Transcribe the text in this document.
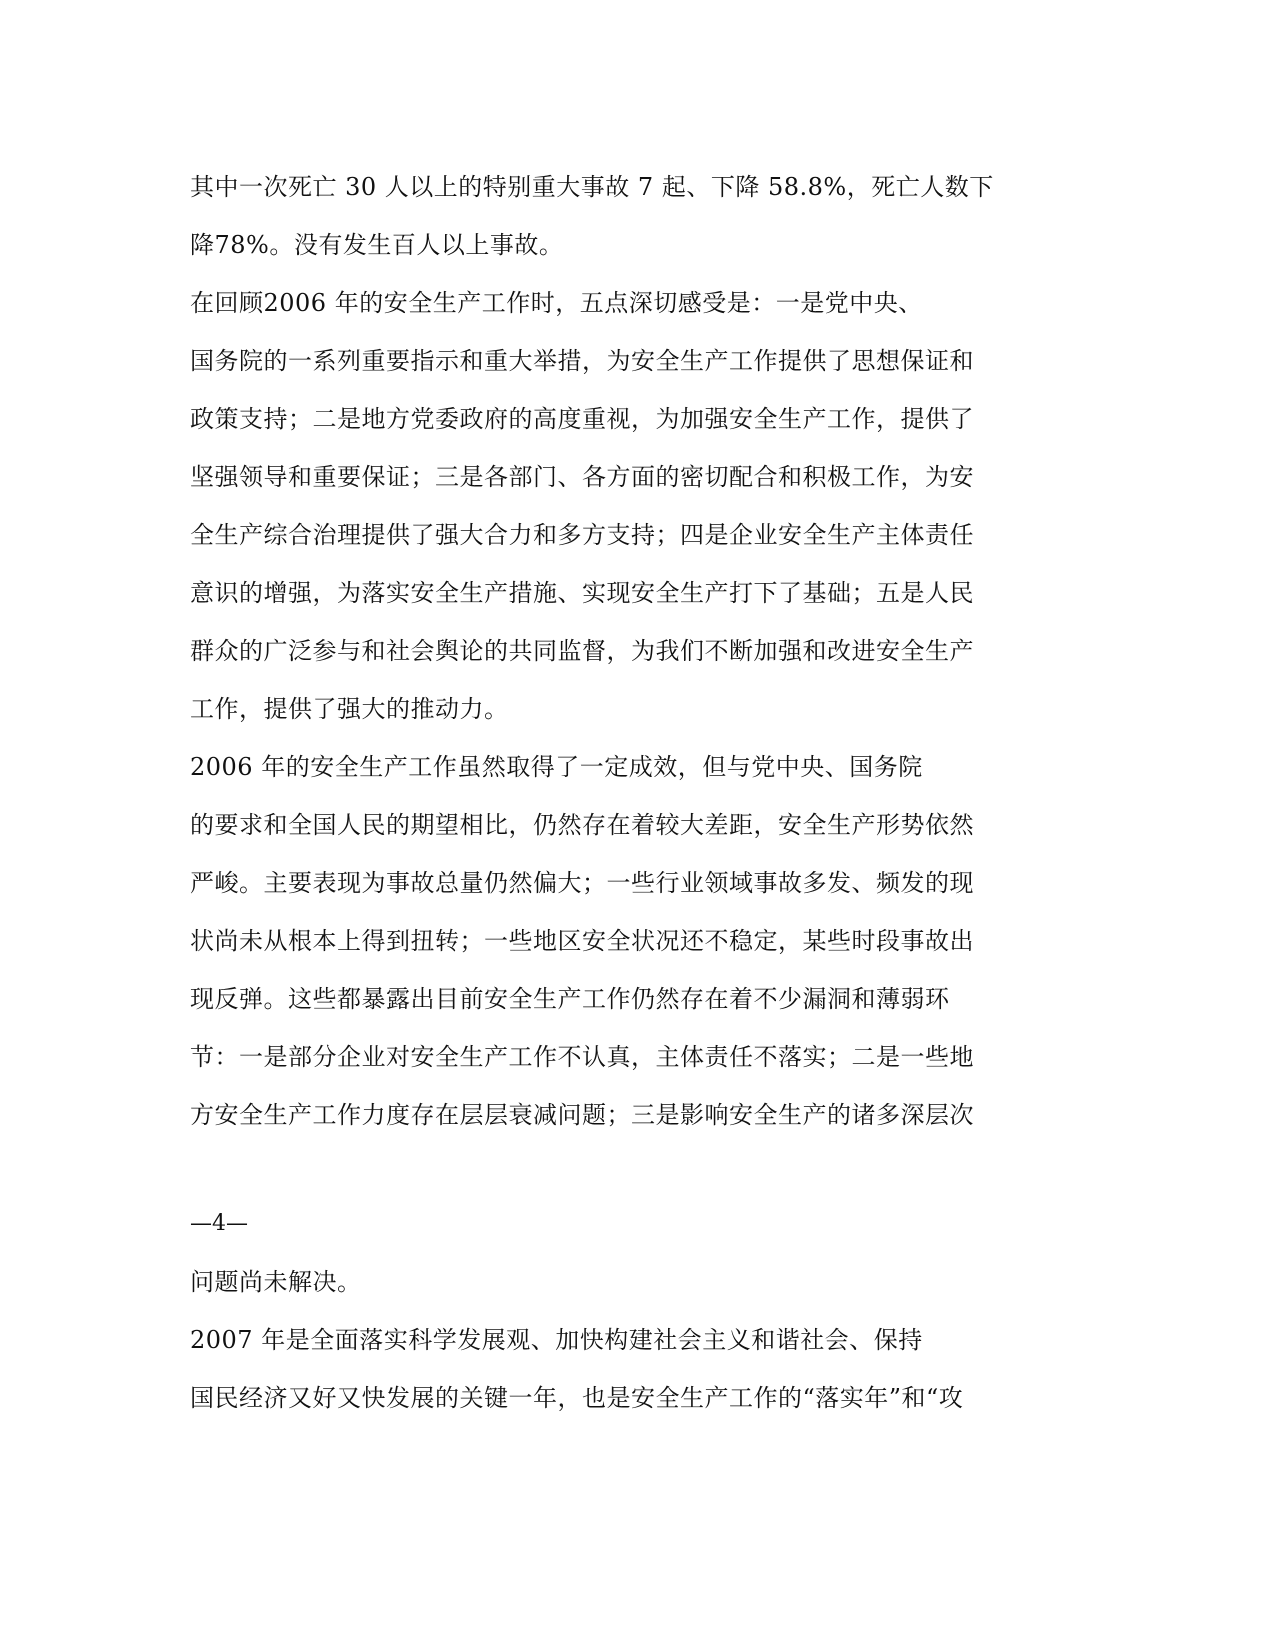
其中一次死亡 30 人以上的特别重大事故 7 起、下降 58.8%，死亡人数下
降78%。没有发生百人以上事故。
在回顾2006 年的安全生产工作时，五点深切感受是：一是党中央、
国务院的一系列重要指示和重大举措，为安全生产工作提供了思想保证和
政策支持；二是地方党委政府的高度重视，为加强安全生产工作，提供了
坚强领导和重要保证；三是各部门、各方面的密切配合和积极工作，为安
全生产综合治理提供了强大合力和多方支持；四是企业安全生产主体责任
意识的增强，为落实安全生产措施、实现安全生产打下了基础；五是人民
群众的广泛参与和社会舆论的共同监督，为我们不断加强和改进安全生产
工作，提供了强大的推动力。
2006 年的安全生产工作虽然取得了一定成效，但与党中央、国务院
的要求和全国人民的期望相比，仍然存在着较大差距，安全生产形势依然
严峻。主要表现为事故总量仍然偏大；一些行业领域事故多发、频发的现
状尚未从根本上得到扭转；一些地区安全状况还不稳定，某些时段事故出
现反弹。这些都暴露出目前安全生产工作仍然存在着不少漏洞和薄弱环
节：一是部分企业对安全生产工作不认真，主体责任不落实；二是一些地
方安全生产工作力度存在层层衰减问题；三是影响安全生产的诸多深层次
—4—
问题尚未解决。
2007 年是全面落实科学发展观、加快构建社会主义和谐社会、保持
国民经济又好又快发展的关键一年，也是安全生产工作的“落实年”和“攻
